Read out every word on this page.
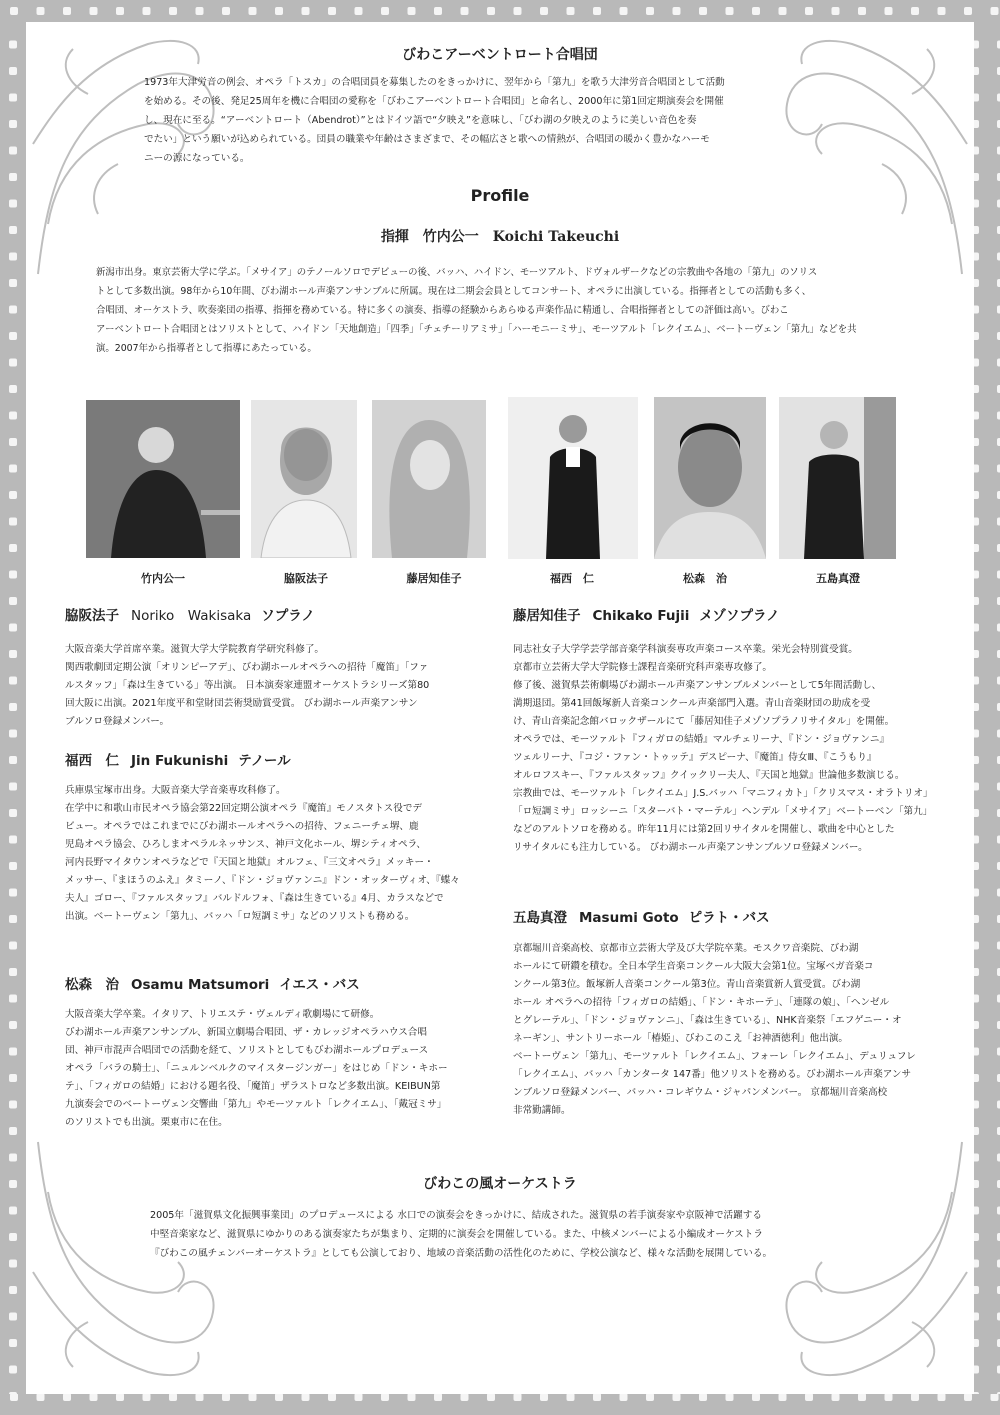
びわこアーベントロート合唱団
1973年大津労音の例会、オペラ「トスカ」の合唱団員を募集したのをきっかけに、翌年から「第九」を歌う大津労音合唱団として活動
を始める。その後、発足25周年を機に合唱団の愛称を「びわこアーベントロート合唱団」と命名し、2000年に第1回定期演奏会を開催
し、現在に至る。“アーベントロート（Abendrot）”とはドイツ語で“夕映え”を意味し、「びわ湖の夕映えのように美しい音色を奏
でたい」という願いが込められている。団員の職業や年齢はさまざまで、その幅広さと歌への情熱が、合唱団の暖かく豊かなハーモ
ニーの源になっている。
Profile
指揮　竹内公一　Koichi Takeuchi
新潟市出身。東京芸術大学に学ぶ。「メサイア」のテノールソロでデビューの後、バッハ、ハイドン、モーツアルト、ドヴォルザークなどの宗教曲や各地の「第九」のソリス
トとして多数出演。98年から10年間、びわ湖ホール声楽アンサンブルに所属。現在は二期会会員としてコンサート、オペラに出演している。指揮者としての活動も多く、
合唱団、オーケストラ、吹奏楽団の指導、指揮を務めている。特に多くの演奏、指導の経験からあらゆる声楽作品に精通し、合唱指揮者としての評価は高い。びわこ
アーベントロート合唱団とはソリストとして、ハイドン「天地創造」「四季」「チェチーリアミサ」「ハーモニーミサ」、モーツアルト「レクイエム」、ベートーヴェン「第九」などを共
演。2007年から指導者として指導にあたっている。
竹内公一	脇阪法子	藤居知佳子	福西　仁	松森　治	五島真澄
脇阪法子 Noriko　Wakisaka ソプラノ
大阪音楽大学首席卒業。滋賀大学大学院教育学研究科修了。
関西歌劇団定期公演「オリンピーアデ」、びわ湖ホールオペラへの招待「魔笛」「ファ
ルスタッフ」「森は生きている」等出演。 日本演奏家連盟オーケストラシリーズ第80
回大阪に出演。2021年度平和堂財団芸術奨励賞受賞。 びわ湖ホール声楽アンサン
ブルソロ登録メンバー。
福西　仁 Jin Fukunishi テノール
兵庫県宝塚市出身。大阪音楽大学音楽専攻科修了。
在学中に和歌山市民オペラ協会第22回定期公演オペラ『魔笛』モノスタトス役でデ
ビュー。オペラではこれまでにびわ湖ホールオペラへの招待、フェニーチェ堺、鹿
児島オペラ協会、ひろしまオペラルネッサンス、神戸文化ホール、堺シティオペラ、
河内長野マイタウンオペラなどで『天国と地獄』オルフェ、『三文オペラ』メッキー・
メッサー、『まほうのふえ』タミーノ、『ドン・ジョヴァンニ』ドン・オッターヴィオ、『蝶々
夫人』ゴロー、『ファルスタッフ』バルドルフォ、『森は生きている』4月、カラスなどで
出演。ベートーヴェン「第九」、バッハ「ロ短調ミサ」などのソリストも務める。
松森　治 Osamu Matsumori イエス・バス
大阪音楽大学卒業。イタリア、トリエステ・ヴェルディ歌劇場にて研修。
びわ湖ホール声楽アンサンブル、新国立劇場合唱団、ザ・カレッジオペラハウス合唱
団、神戸市混声合唱団での活動を経て、ソリストとしてもびわ湖ホールプロデュース
オペラ「バラの騎士」、「ニュルンベルクのマイスタージンガー」をはじめ「ドン・キホー
テ」、「フィガロの結婚」における題名役、「魔笛」ザラストロなど多数出演。KEIBUN第
九演奏会でのベートーヴェン交響曲「第九」やモーツァルト「レクイエム」、「戴冠ミサ」
のソリストでも出演。栗東市に在住。
藤居知佳子 Chikako Fujii メゾソプラノ
同志社女子大学学芸学部音楽学科演奏専攻声楽コース卒業。栄光会特別賞受賞。
京都市立芸術大学大学院修士課程音楽研究科声楽専攻修了。
修了後、滋賀県芸術劇場びわ湖ホール声楽アンサンブルメンバーとして5年間活動し、
満期退団。第41回飯塚新人音楽コンクール声楽部門入選。青山音楽財団の助成を受
け、青山音楽記念館バロックザールにて「藤居知佳子メゾソプラノリサイタル」を開催。
オペラでは、モーツァルト『フィガロの結婚』マルチェリーナ、『ドン・ジョヴァンニ』
ツェルリーナ、『コジ・ファン・トゥッテ』デスピーナ、『魔笛』侍女Ⅲ、『こうもり』
オルロフスキー、『ファルスタッフ』クイックリー夫人、『天国と地獄』世論他多数演じる。
宗教曲では、モーツァルト「レクイエム」J.S.バッハ「マニフィカト」「クリスマス・オラトリオ」
「ロ短調ミサ」ロッシーニ「スターバト・マーテル」ヘンデル「メサイア」ベートーベン「第九」
などのアルトソロを務める。昨年11月には第2回リサイタルを開催し、歌曲を中心とした
リサイタルにも注力している。 びわ湖ホール声楽アンサンブルソロ登録メンバー。
五島真澄 Masumi Goto ピラト・バス
京都堀川音楽高校、京都市立芸術大学及び大学院卒業。モスクワ音楽院、びわ湖
ホールにて研鑽を積む。全日本学生音楽コンクール大阪大会第1位。宝塚ベガ音楽コ
ンクール第3位。飯塚新人音楽コンクール第3位。青山音楽賞新人賞受賞。びわ湖
ホール オペラへの招待「フィガロの結婚」、「ドン・キホーテ」、「連隊の娘」、「ヘンゼル
とグレーテル」、「ドン・ジョヴァンニ」、「森は生きている」、NHK音楽祭「エフゲニー・オ
ネーギン」、サントリーホール「椿姫」、びわこのこえ「お神酒徳利」他出演。
ベートーヴェン「第九」、モーツァルト「レクイエム」、フォーレ「レクイエム」、デュリュフレ
「レクイエム」、バッハ「カンタータ 147番」他ソリストを務める。びわ湖ホール声楽アンサ
ンブルソロ登録メンバー、バッハ・コレギウム・ジャパンメンバー。 京都堀川音楽高校
非常勤講師。
びわこの風オーケストラ
2005年「滋賀県文化振興事業団」のプロデュースによる 水口での演奏会をきっかけに、結成された。滋賀県の若手演奏家や京阪神で活躍する
中堅音楽家など、滋賀県にゆかりのある演奏家たちが集まり、定期的に演奏会を開催している。また、中核メンバーによる小編成オーケストラ
『びわこの風チェンバーオーケストラ』としても公演しており、地域の音楽活動の活性化のために、学校公演など、様々な活動を展開している。
